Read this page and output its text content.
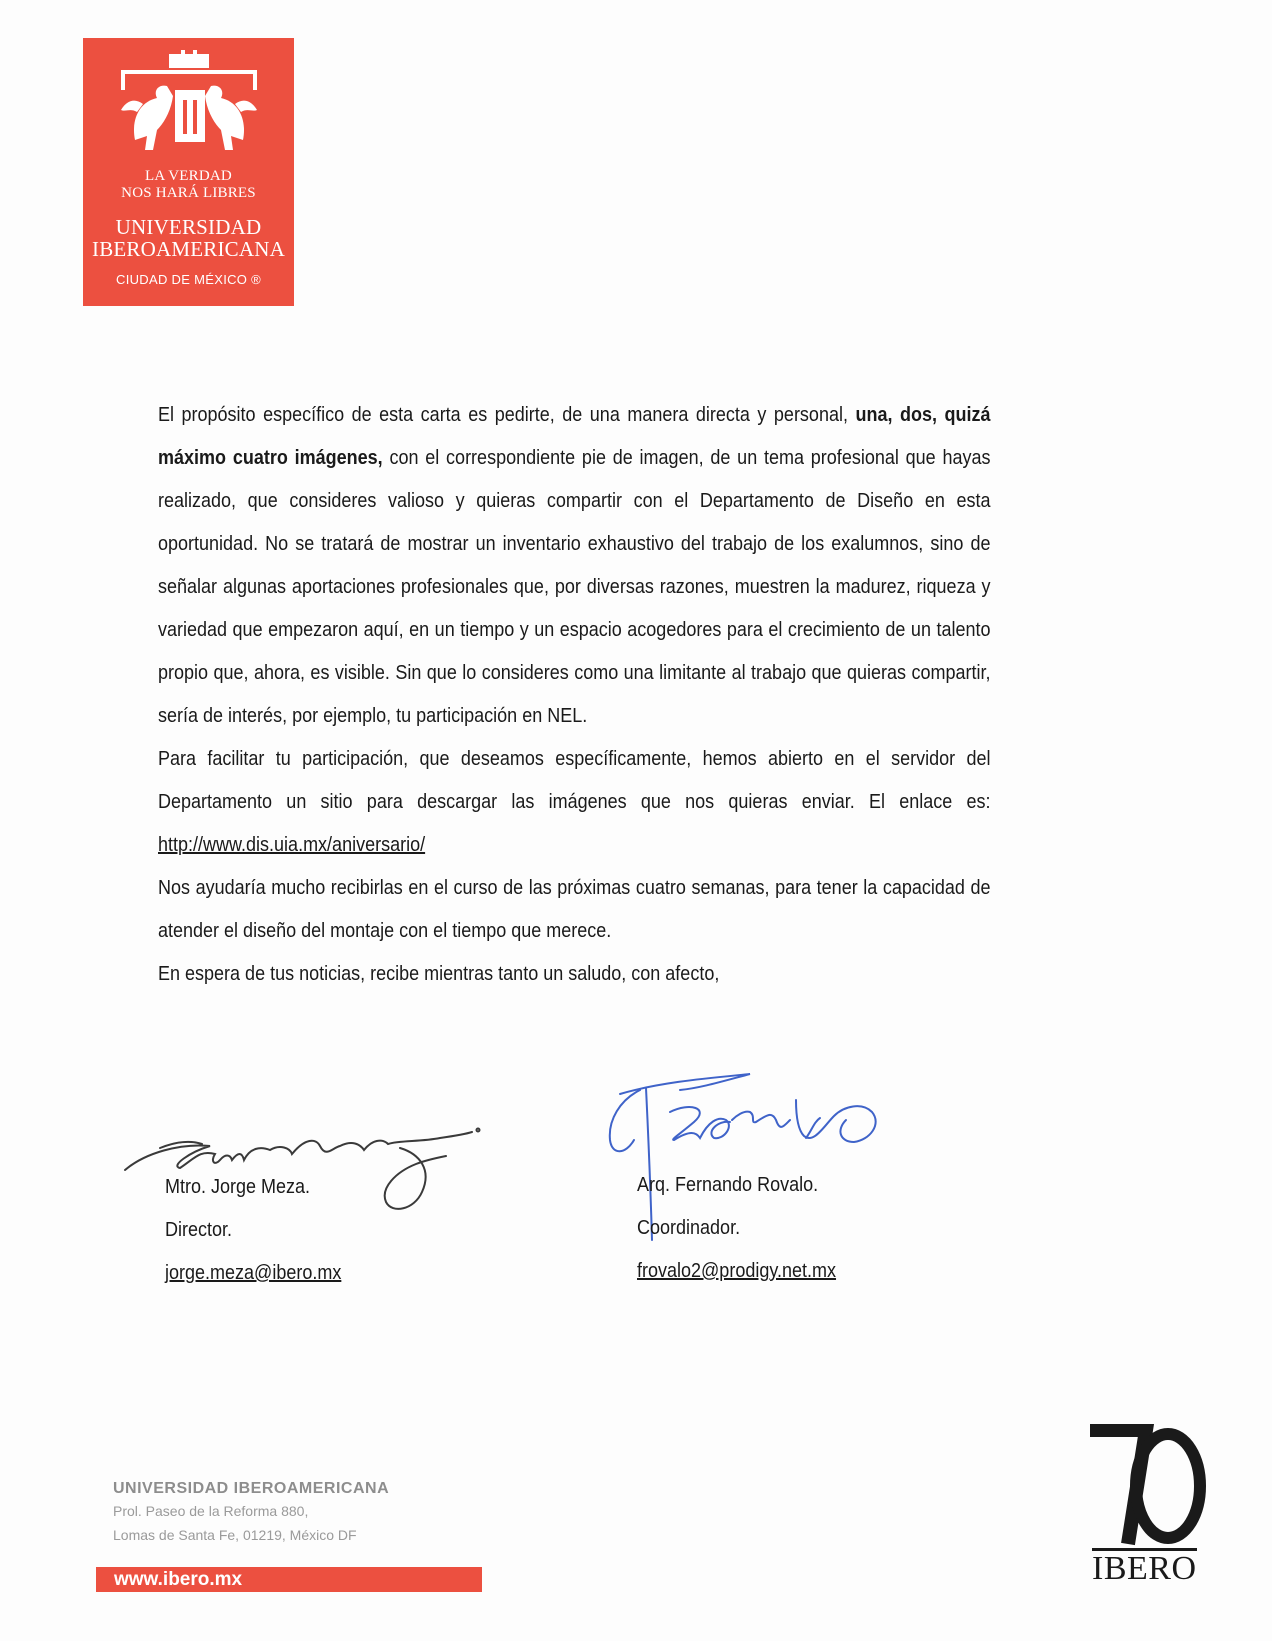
LA VERDAD
NOS HARÁ LIBRES
UNIVERSIDAD
IBEROAMERICANA
CIUDAD DE MÉXICO ®

El propósito específico de esta carta es pedirte, de una manera directa y personal, una, dos, quizá máximo cuatro imágenes, con el correspondiente pie de imagen, de un tema profesional que hayas realizado, que consideres valioso y quieras compartir con el Departamento de Diseño en esta oportunidad. No se tratará de mostrar un inventario exhaustivo del trabajo de los exalumnos, sino de señalar algunas aportaciones profesionales que, por diversas razones, muestren la madurez, riqueza y variedad que empezaron aquí, en un tiempo y un espacio acogedores para el crecimiento de un talento propio que, ahora, es visible. Sin que lo consideres como una limitante al trabajo que quieras compartir, sería de interés, por ejemplo, tu participación en NEL.

Para facilitar tu participación, que deseamos específicamente, hemos abierto en el servidor del Departamento un sitio para descargar las imágenes que nos quieras enviar. El enlace es: http://www.dis.uia.mx/aniversario/

Nos ayudaría mucho recibirlas en el curso de las próximas cuatro semanas, para tener la capacidad de atender el diseño del montaje con el tiempo que merece.

En espera de tus noticias, recibe mientras tanto un saludo, con afecto,

Mtro. Jorge Meza.
Director.
jorge.meza@ibero.mx
Arq. Fernando Rovalo.
Coordinador.
frovalo2@prodigy.net.mx
UNIVERSIDAD IBEROAMERICANA
Prol. Paseo de la Reforma 880,
Lomas de Santa Fe, 01219, México DF
www.ibero.mx	IBERO
